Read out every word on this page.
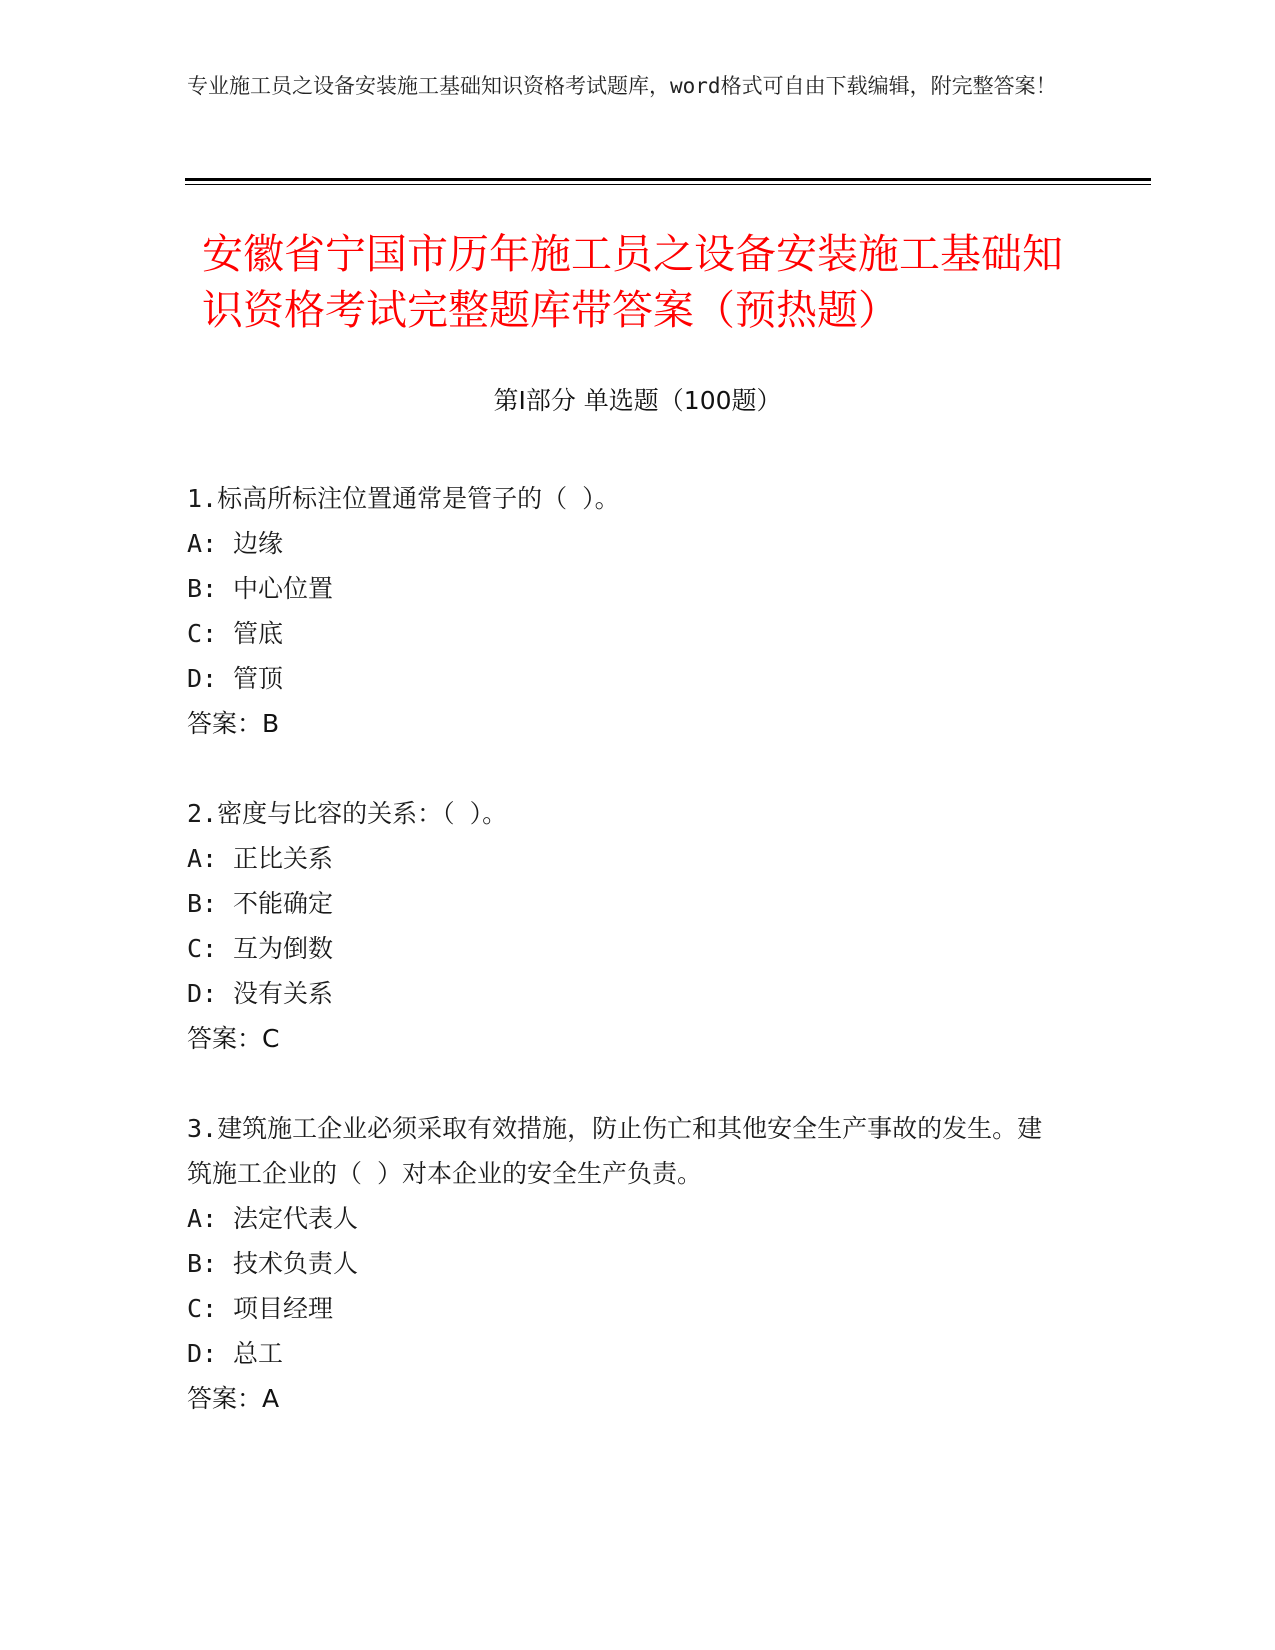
专业施工员之设备安装施工基础知识资格考试题库，word格式可自由下载编辑，附完整答案！
安徽省宁国市历年施工员之设备安装施工基础知识资格考试完整题库带答案（预热题）
第Ⅰ部分 单选题（100题）
1.标高所标注位置通常是管子的（ ）。
A: 边缘
B: 中心位置
C: 管底
D: 管顶
答案：B
2.密度与比容的关系：（ ）。
A: 正比关系
B: 不能确定
C: 互为倒数
D: 没有关系
答案：C
3.建筑施工企业必须采取有效措施，防止伤亡和其他安全生产事故的发生。建筑施工企业的（ ）对本企业的安全生产负责。
A: 法定代表人
B: 技术负责人
C: 项目经理
D: 总工
答案：A
